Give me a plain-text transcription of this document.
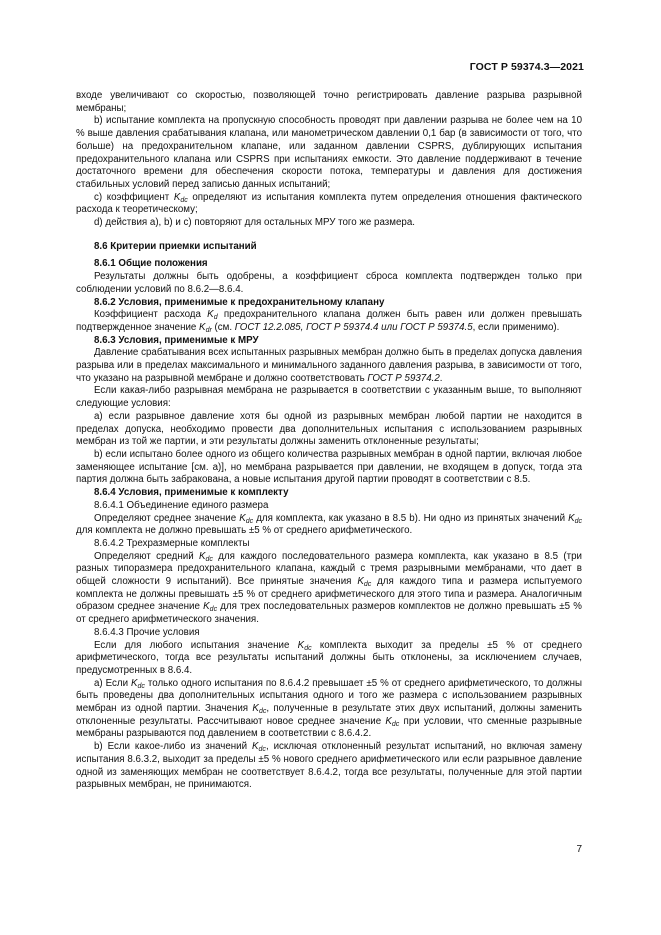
ГОСТ Р 59374.3—2021

входе увеличивают со скоростью, позволяющей точно регистрировать давление разрыва разрывной мембраны;

b) испытание комплекта на пропускную способность проводят при давлении разрыва не более чем на 10 % выше давления срабатывания клапана, или манометрическом давлении 0,1 бар (в зависимости от того, что больше) на предохранительном клапане, или заданном давлении CSPRS, дублирующих испытания предохранительного клапана или CSPRS при испытаниях емкости. Это давление поддерживают в течение достаточного времени для обеспечения скорости потока, температуры и давления для достижения стабильных условий перед записью данных испытаний;

c) коэффициент $K_{dc}$ определяют из испытания комплекта путем определения отношения фактического расхода к теоретическому;

d) действия a), b) и c) повторяют для остальных МРУ того же размера.

8.6 Критерии приемки испытаний

8.6.1 Общие положения

Результаты должны быть одобрены, а коэффициент сброса комплекта подтвержден только при соблюдении условий по 8.6.2—8.6.4.

8.6.2 Условия, применимые к предохранительному клапану

Коэффициент расхода $K_d$ предохранительного клапана должен быть равен или должен превышать подтвержденное значение $K_{dr}$ (см. ГОСТ 12.2.085, ГОСТ Р 59374.4 или ГОСТ Р 59374.5, если применимо).

8.6.3 Условия, применимые к МРУ

Давление срабатывания всех испытанных разрывных мембран должно быть в пределах допуска давления разрыва или в пределах максимального и минимального заданного давления разрыва, в зависимости от того, что указано на разрывной мембране и должно соответствовать ГОСТ Р 59374.2.

Если какая-либо разрывная мембрана не разрывается в соответствии с указанным выше, то выполняют следующие условия:

a) если разрывное давление хотя бы одной из разрывных мембран любой партии не находится в пределах допуска, необходимо провести два дополнительных испытания с использованием разрывных мембран из той же партии, и эти результаты должны заменить отклоненные результаты;

b) если испытано более одного из общего количества разрывных мембран в одной партии, включая любое заменяющее испытание [см. a)], но мембрана разрывается при давлении, не входящем в допуск, тогда эта партия должна быть забракована, а новые испытания другой партии проводят в соответствии с 8.5.

8.6.4 Условия, применимые к комплекту

8.6.4.1 Объединение единого размера

Определяют среднее значение $K_{dc}$ для комплекта, как указано в 8.5 b). Ни одно из принятых значений $K_{dc}$ для комплекта не должно превышать ±5 % от среднего арифметического.

8.6.4.2 Трехразмерные комплекты

Определяют средний $K_{dc}$ для каждого последовательного размера комплекта, как указано в 8.5 (три разных типоразмера предохранительного клапана, каждый с тремя разрывными мембранами, что дает в общей сложности 9 испытаний). Все принятые значения $K_{dc}$ для каждого типа и размера испытуемого комплекта не должны превышать ±5 % от среднего арифметического для этого типа и размера. Аналогичным образом среднее значение $K_{dc}$ для трех последовательных размеров комплектов не должно превышать ±5 % от среднего арифметического значения.

8.6.4.3 Прочие условия

Если для любого испытания значение $K_{dc}$ комплекта выходит за пределы ±5 % от среднего арифметического, тогда все результаты испытаний должны быть отклонены, за исключением случаев, предусмотренных в 8.6.4.

a) Если $K_{dc}$ только одного испытания по 8.6.4.2 превышает ±5 % от среднего арифметического, то должны быть проведены два дополнительных испытания одного и того же размера с использованием разрывных мембран из одной партии. Значения $K_{dc}$, полученные в результате этих двух испытаний, должны заменить отклоненные результаты. Рассчитывают новое среднее значение $K_{dc}$ при условии, что сменные разрывные мембраны разрываются под давлением в соответствии с 8.6.4.2.

b) Если какое-либо из значений $K_{dc}$, исключая отклоненный результат испытаний, но включая замену испытания 8.6.3.2, выходит за пределы ±5 % нового среднего арифметического или если разрывное давление одной из заменяющих мембран не соответствует 8.6.4.2, тогда все результаты, полученные для этой партии разрывных мембран, не принимаются.

7
